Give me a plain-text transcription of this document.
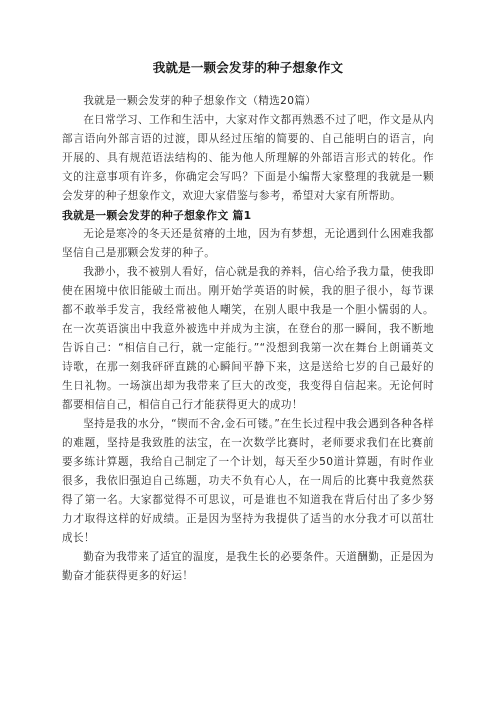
我就是一颗会发芽的种子想象作文

我就是一颗会发芽的种子想象作文（精选20篇）

在日常学习、工作和生活中，大家对作文都再熟悉不过了吧，作文是从内部言语向外部言语的过渡，即从经过压缩的简要的、自己能明白的语言，向开展的、具有规范语法结构的、能为他人所理解的外部语言形式的转化。作文的注意事项有许多，你确定会写吗？下面是小编帮大家整理的我就是一颗会发芽的种子想象作文，欢迎大家借鉴与参考，希望对大家有所帮助。

我就是一颗会发芽的种子想象作文 篇1

无论是寒冷的冬天还是贫瘠的土地，因为有梦想，无论遇到什么困难我都坚信自己是那颗会发芽的种子。

我渺小，我不被别人看好，信心就是我的养料，信心给予我力量，使我即使在困境中依旧能破土而出。刚开始学英语的时候，我的胆子很小，每节课都不敢举手发言，我经常被他人嘲笑，在别人眼中我是一个胆小懦弱的人。在一次英语演出中我意外被选中并成为主演，在登台的那一瞬间，我不断地告诉自己：“相信自己行，就一定能行。”“没想到我第一次在舞台上朗诵英文诗歌，在那一刻我砰砰直跳的心瞬间平静下来，这是送给七岁的自己最好的生日礼物。一场演出却为我带来了巨大的改变，我变得自信起来。无论何时都要相信自己，相信自己行才能获得更大的成功！

坚持是我的水分，“锲而不舍,金石可镂。”在生长过程中我会遇到各种各样的难题，坚持是我致胜的法宝，在一次数学比赛时，老师要求我们在比赛前要多练计算题，我给自己制定了一个计划，每天至少50道计算题，有时作业很多，我依旧强迫自己练题，功夫不负有心人，在一周后的比赛中我竟然获得了第一名。大家都觉得不可思议，可是谁也不知道我在背后付出了多少努力才取得这样的好成绩。正是因为坚持为我提供了适当的水分我才可以茁壮成长！

勤奋为我带来了适宜的温度，是我生长的必要条件。天道酬勤，正是因为勤奋才能获得更多的好运！
